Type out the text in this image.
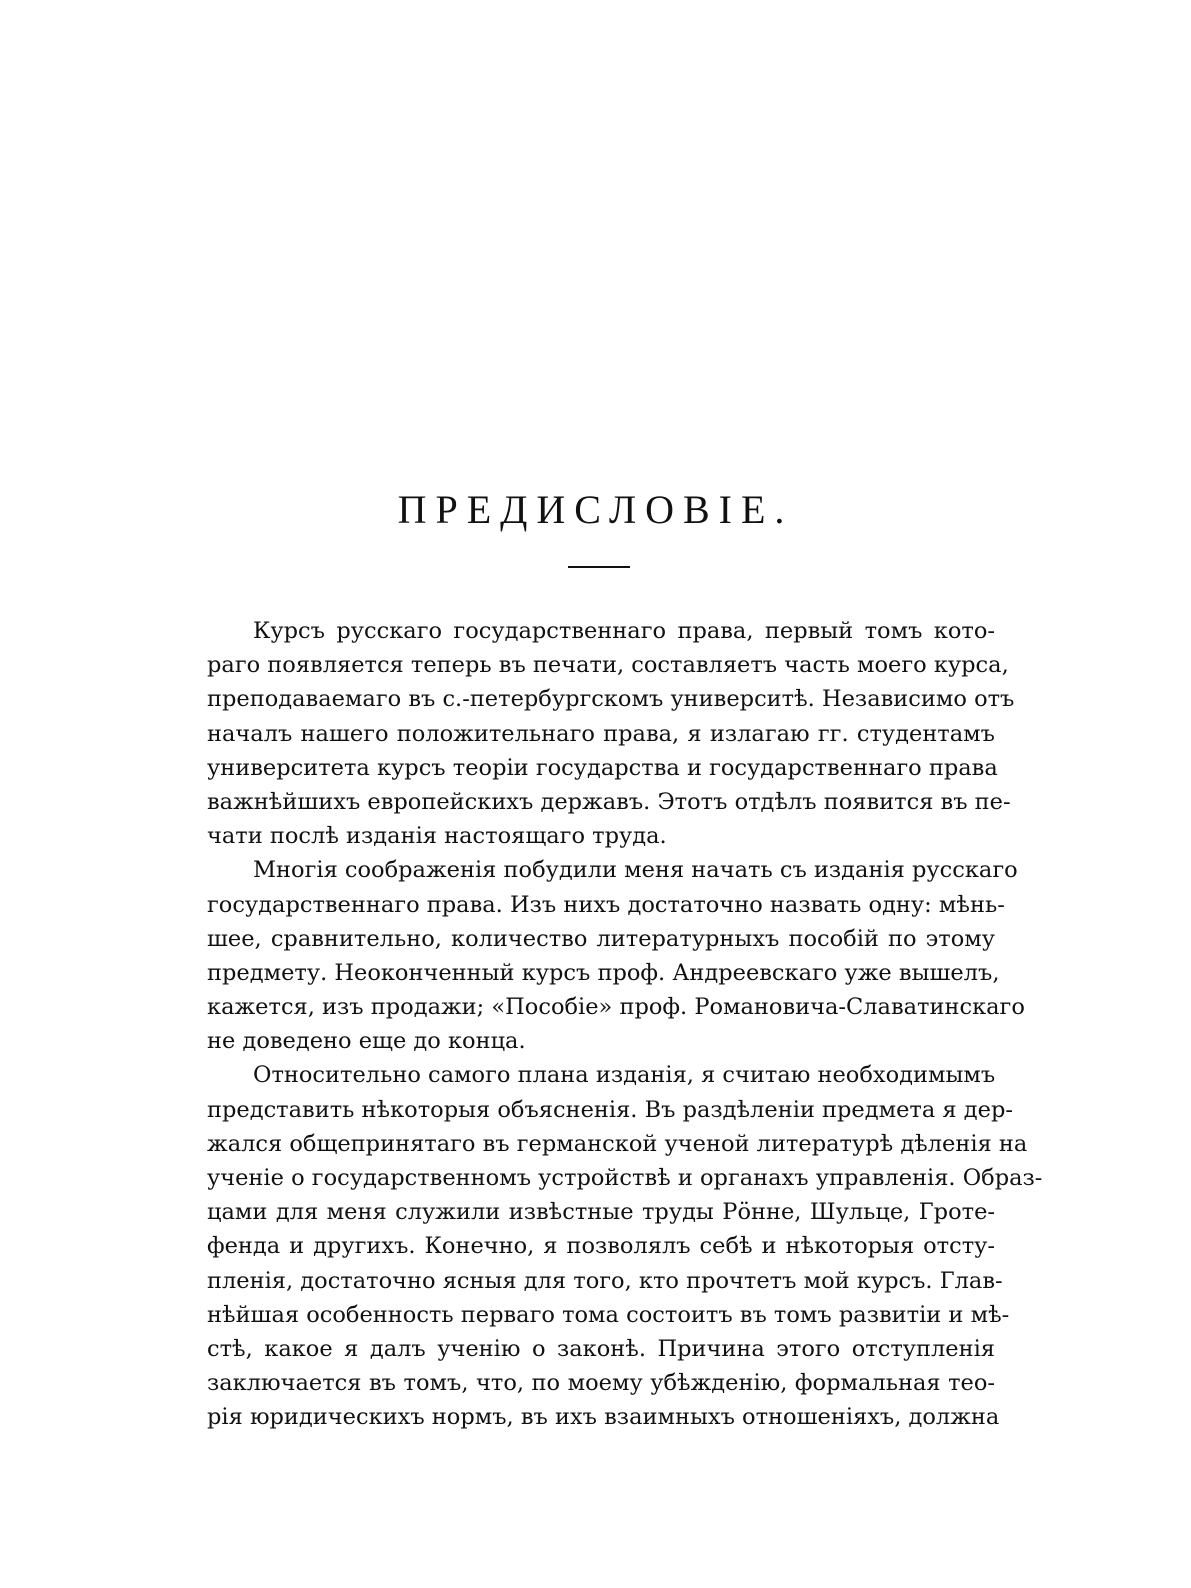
ПРЕДИСЛОВІЕ.
Курсъ русскаго государственнаго права, первый томъ кото-
раго появляется теперь въ печати, составляетъ часть моего курса,
преподаваемаго въ с.-петербургскомъ университѣ. Независимо отъ
началъ нашего положительнаго права, я излагаю гг. студентамъ
университета курсъ теоріи государства и государственнаго права
важнѣйшихъ европейскихъ державъ. Этотъ отдѣлъ появится въ пе-
чати послѣ изданія настоящаго труда.
Многія соображенія побудили меня начать съ изданія русскаго
государственнаго права. Изъ нихъ достаточно назвать одну: мѣнь-
шее, сравнительно, количество литературныхъ пособій по этому
предмету. Неоконченный курсъ проф. Андреевскаго уже вышелъ,
кажется, изъ продажи; «Пособіе» проф. Романовича-Славатинскаго
не доведено еще до конца.
Относительно самого плана изданія, я считаю необходимымъ
представить нѣкоторыя объясненія. Въ раздѣленіи предмета я дер-
жался общепринятаго въ германской ученой литературѣ дѣленія на
ученіе о государственномъ устройствѣ и органахъ управленія. Образ-
цами для меня служили извѣстные труды Рӧнне, Шульце, Гроте-
фенда и другихъ. Конечно, я позволялъ себѣ и нѣкоторыя отсту-
пленія, достаточно ясныя для того, кто прочтетъ мой курсъ. Глав-
нѣйшая особенность перваго тома состоитъ въ томъ развитіи и мѣ-
стѣ, какое я далъ ученію о законѣ. Причина этого отступленія
заключается въ томъ, что, по моему убѣжденію, формальная тео-
рія юридическихъ нормъ, въ ихъ взаимныхъ отношеніяхъ, должна
